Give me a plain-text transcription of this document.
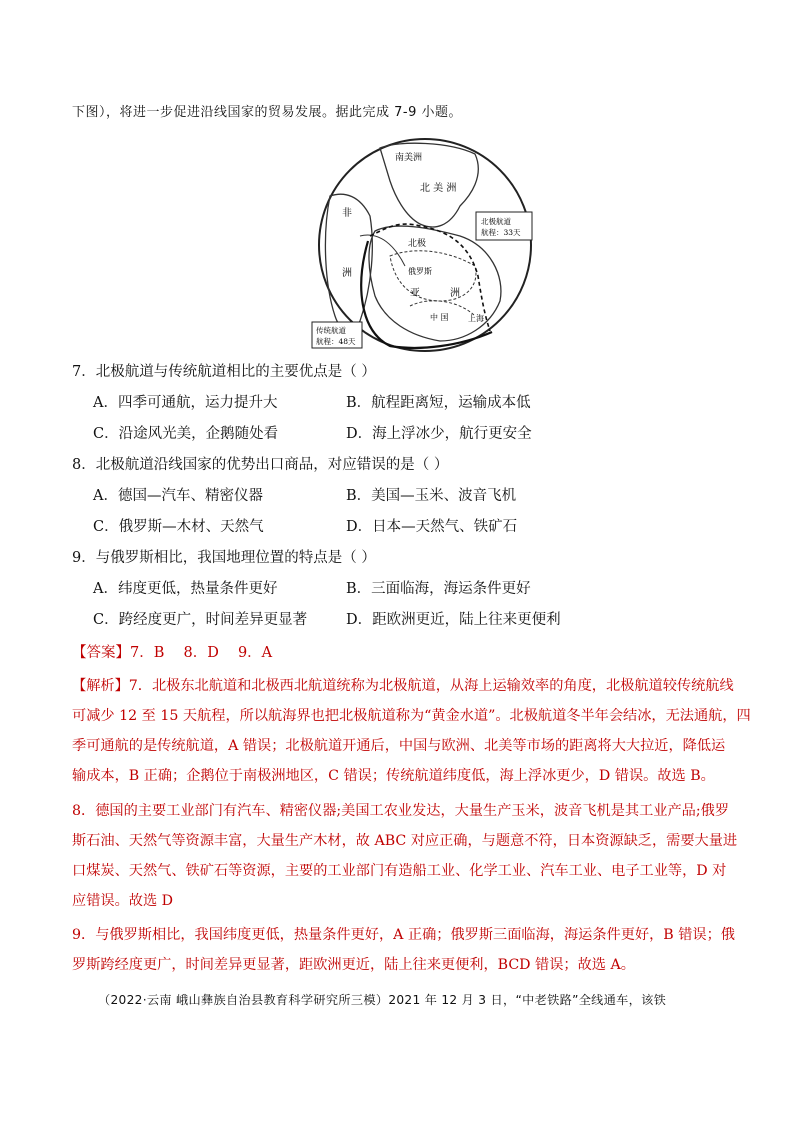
下图），将进一步促进沿线国家的贸易发展。据此完成 7-9 小题。
南美洲
北 美 洲
非
洲
北极
俄罗斯
亚	洲
中 国 上海
北极航道
航程：33天
传统航道
航程：48天
7．北极航道与传统航道相比的主要优点是（ ）
A．四季可通航，运力提升大	B．航程距离短，运输成本低
C．沿途风光美，企鹅随处看	D．海上浮冰少，航行更安全
8．北极航道沿线国家的优势出口商品，对应错误的是（ ）
A．德国—汽车、精密仪器	B．美国—玉米、波音飞机
C．俄罗斯—木材、天然气	D．日本—天然气、铁矿石
9．与俄罗斯相比，我国地理位置的特点是（ ）
A．纬度更低，热量条件更好	B．三面临海，海运条件更好
C．跨经度更广，时间差异更显著	D．距欧洲更近，陆上往来更便利
【答案】7．B　 8．D　 9．A
【解析】7．北极东北航道和北极西北航道统称为北极航道，从海上运输效率的角度，北极航道较传统航线
可减少 12 至 15 天航程，所以航海界也把北极航道称为“黄金水道”。北极航道冬半年会结冰，无法通航，四
季可通航的是传统航道，A 错误；北极航道开通后，中国与欧洲、北美等市场的距离将大大拉近，降低运
输成本，B 正确；企鹅位于南极洲地区，C 错误；传统航道纬度低，海上浮冰更少，D 错误。故选 B。
8．德国的主要工业部门有汽车、精密仪器;美国工农业发达，大量生产玉米，波音飞机是其工业产品;俄罗
斯石油、天然气等资源丰富，大量生产木材，故 ABC 对应正确，与题意不符，日本资源缺乏，需要大量进
口煤炭、天然气、铁矿石等资源，主要的工业部门有造船工业、化学工业、汽车工业、电子工业等，D 对
应错误。故选 D
9．与俄罗斯相比，我国纬度更低，热量条件更好，A 正确；俄罗斯三面临海，海运条件更好，B 错误；俄
罗斯跨经度更广，时间差异更显著，距欧洲更近，陆上往来更便利，BCD 错误；故选 A。
（2022·云南 峨山彝族自治县教育科学研究所三模）2021 年 12 月 3 日，“中老铁路”全线通车，该铁
